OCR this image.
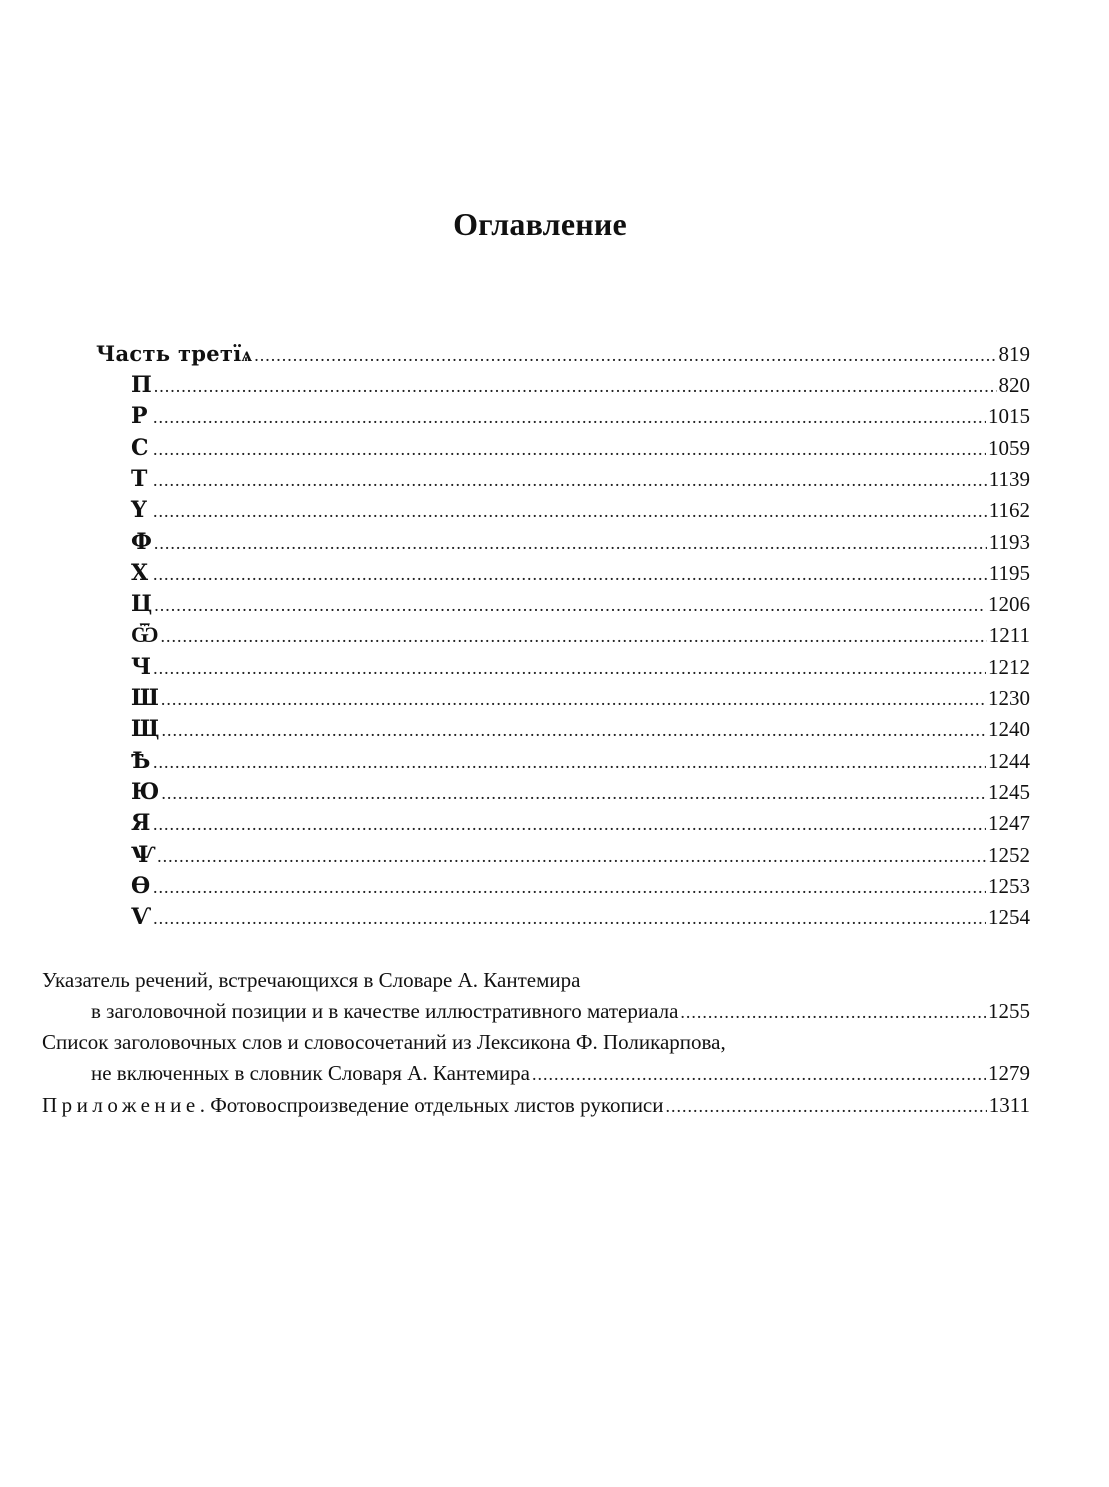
Оглавление
Часть третїѧ .....	819
П .....	820
Р .....	1015
С .....	1059
Т .....	1139
Ү .....	1162
Ф .....	1193
Х .....	1195
Ц .....	1206
Ѿ .....	1211
Ч .....	1212
Ш .....	1230
Щ .....	1240
Ѣ .....	1244
Ю .....	1245
Я .....	1247
Ѱ .....	1252
Ѳ .....	1253
Ѵ .....	1254
Указатель речений, встречающихся в Словаре А. Кантемира
в заголовочной позиции и в качестве иллюстративного материала .....	1255
Список заголовочных слов и словосочетаний из Лексикона Ф. Поликарпова,
не включенных в словник Словаря А. Кантемира .....	1279
Приложение. Фотовоспроизведение отдельных листов рукописи .....	1311
